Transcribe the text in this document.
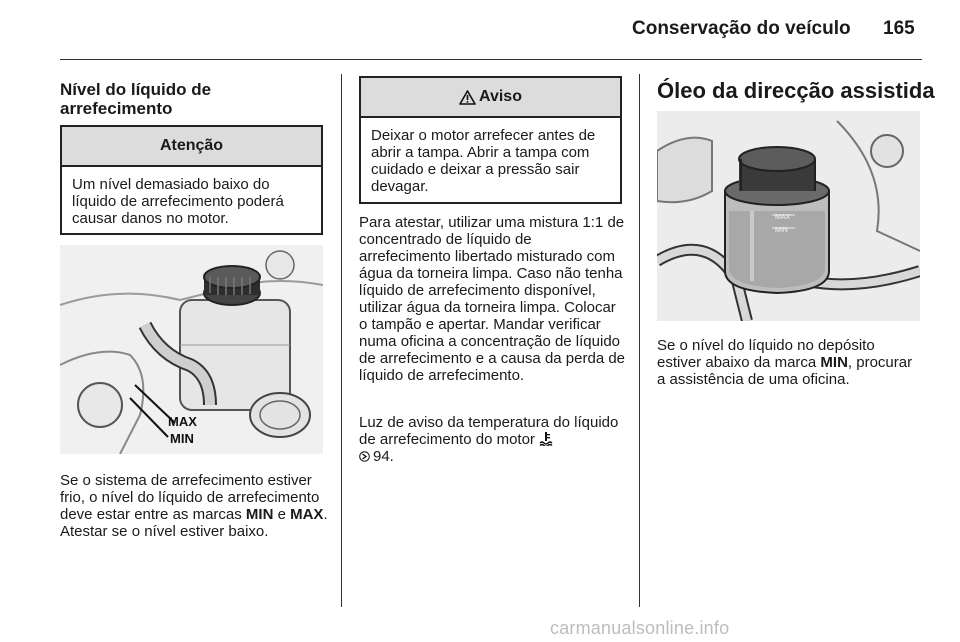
Conservação do veículo 165
Nível do líquido de
arrefecimento
Atenção
Um nível demasiado baixo do líquido de arrefecimento poderá causar danos no motor.
MAX
MIN
Se o sistema de arrefecimento estiver frio, o nível do líquido de arrefecimento deve estar entre as marcas MIN e MAX. Atestar se o nível estiver baixo.
Aviso
Deixar o motor arrefecer antes de abrir a tampa. Abrir a tampa com cuidado e deixar a pressão sair devagar.
Para atestar, utilizar uma mistura 1:1 de concentrado de líquido de arrefecimento libertado misturado com água da torneira limpa. Caso não tenha líquido de arrefecimento disponível, utilizar água da torneira limpa. Colocar o tampão e apertar. Mandar verificar numa oficina a concentração de líquido de arrefecimento e a causa da perda de líquido de arrefecimento.
Luz de aviso da temperatura do líquido de arrefecimento do motor
94.
Óleo da direcção assistida
MAX
MIN
Se o nível do líquido no depósito estiver abaixo da marca MIN, procurar a assistência de uma oficina.
carmanualsonline.info
